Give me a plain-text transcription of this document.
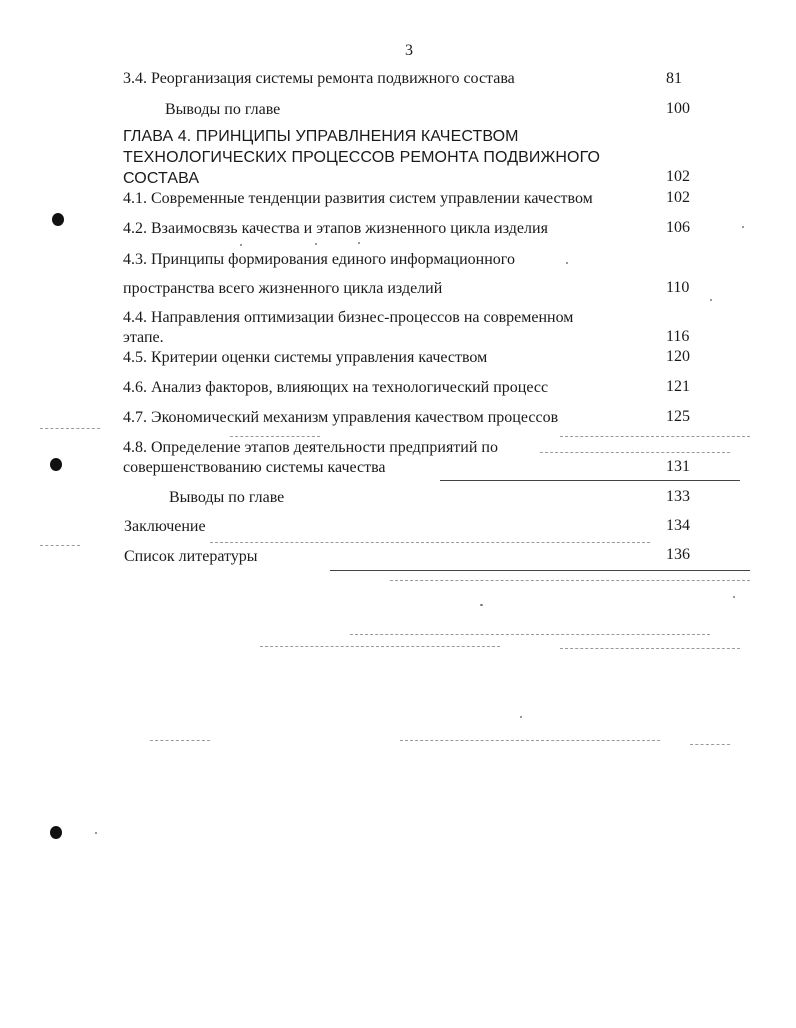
3
3.4. Реорганизация системы ремонта подвижного состава	81
Выводы по главе	100
ГЛАВА 4. ПРИНЦИПЫ УПРАВЛНЕНИЯ КАЧЕСТВОМ
ТЕХНОЛОГИЧЕСКИХ ПРОЦЕССОВ РЕМОНТА ПОДВИЖНОГО
СОСТАВА	102
4.1. Современные тенденции развития систем управлении качеством	102
4.2. Взаимосвязь качества и этапов жизненного цикла изделия	106
4.3. Принципы формирования единого информационного
пространства всего жизненного цикла изделий	110
4.4. Направления оптимизации бизнес-процессов на современном
этапе.	116
4.5. Критерии оценки системы управления качеством	120
4.6. Анализ факторов, влияющих на технологический процесс	121
4.7. Экономический механизм управления качеством процессов	125
4.8. Определение этапов деятельности предприятий по
совершенствованию системы качества	131
Выводы по главе	133
Заключение	134
Список литературы	136
